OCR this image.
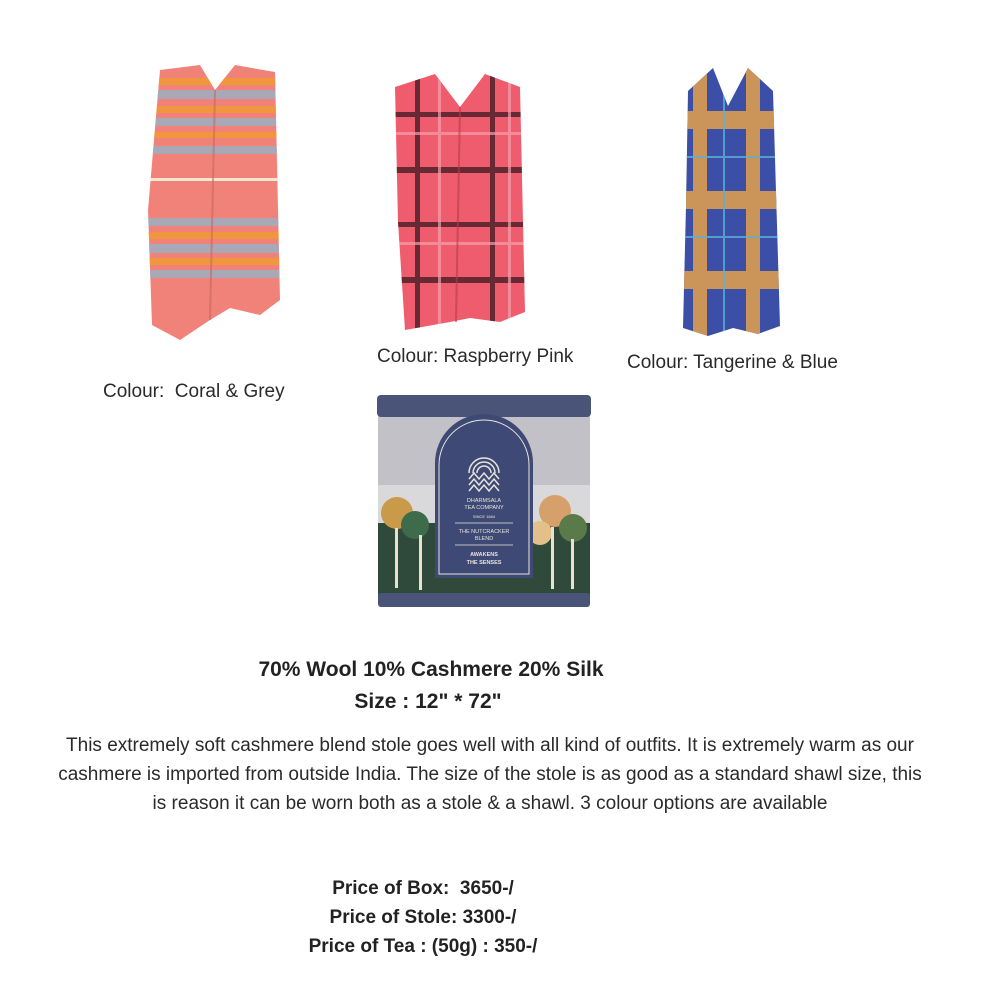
Colour: Raspberry Pink	Colour: Tangerine & Blue
Colour:  Coral & Grey
DHARMSALA
TEA COMPANY
SINCE 1884
THE NUTCRACKER
BLEND
AWAKENS
THE SENSES
70% Wool 10% Cashmere 20% Silk
Size : 12" * 72"
This extremely soft cashmere blend stole goes well with all kind of outfits. It is extremely warm as our cashmere is imported from outside India. The size of the stole is as good as a standard shawl size, this is reason it can be worn both as a stole & a shawl. 3 colour options are available
Price of Box:  3650-/
Price of Stole: 3300-/
Price of Tea : (50g) : 350-/
